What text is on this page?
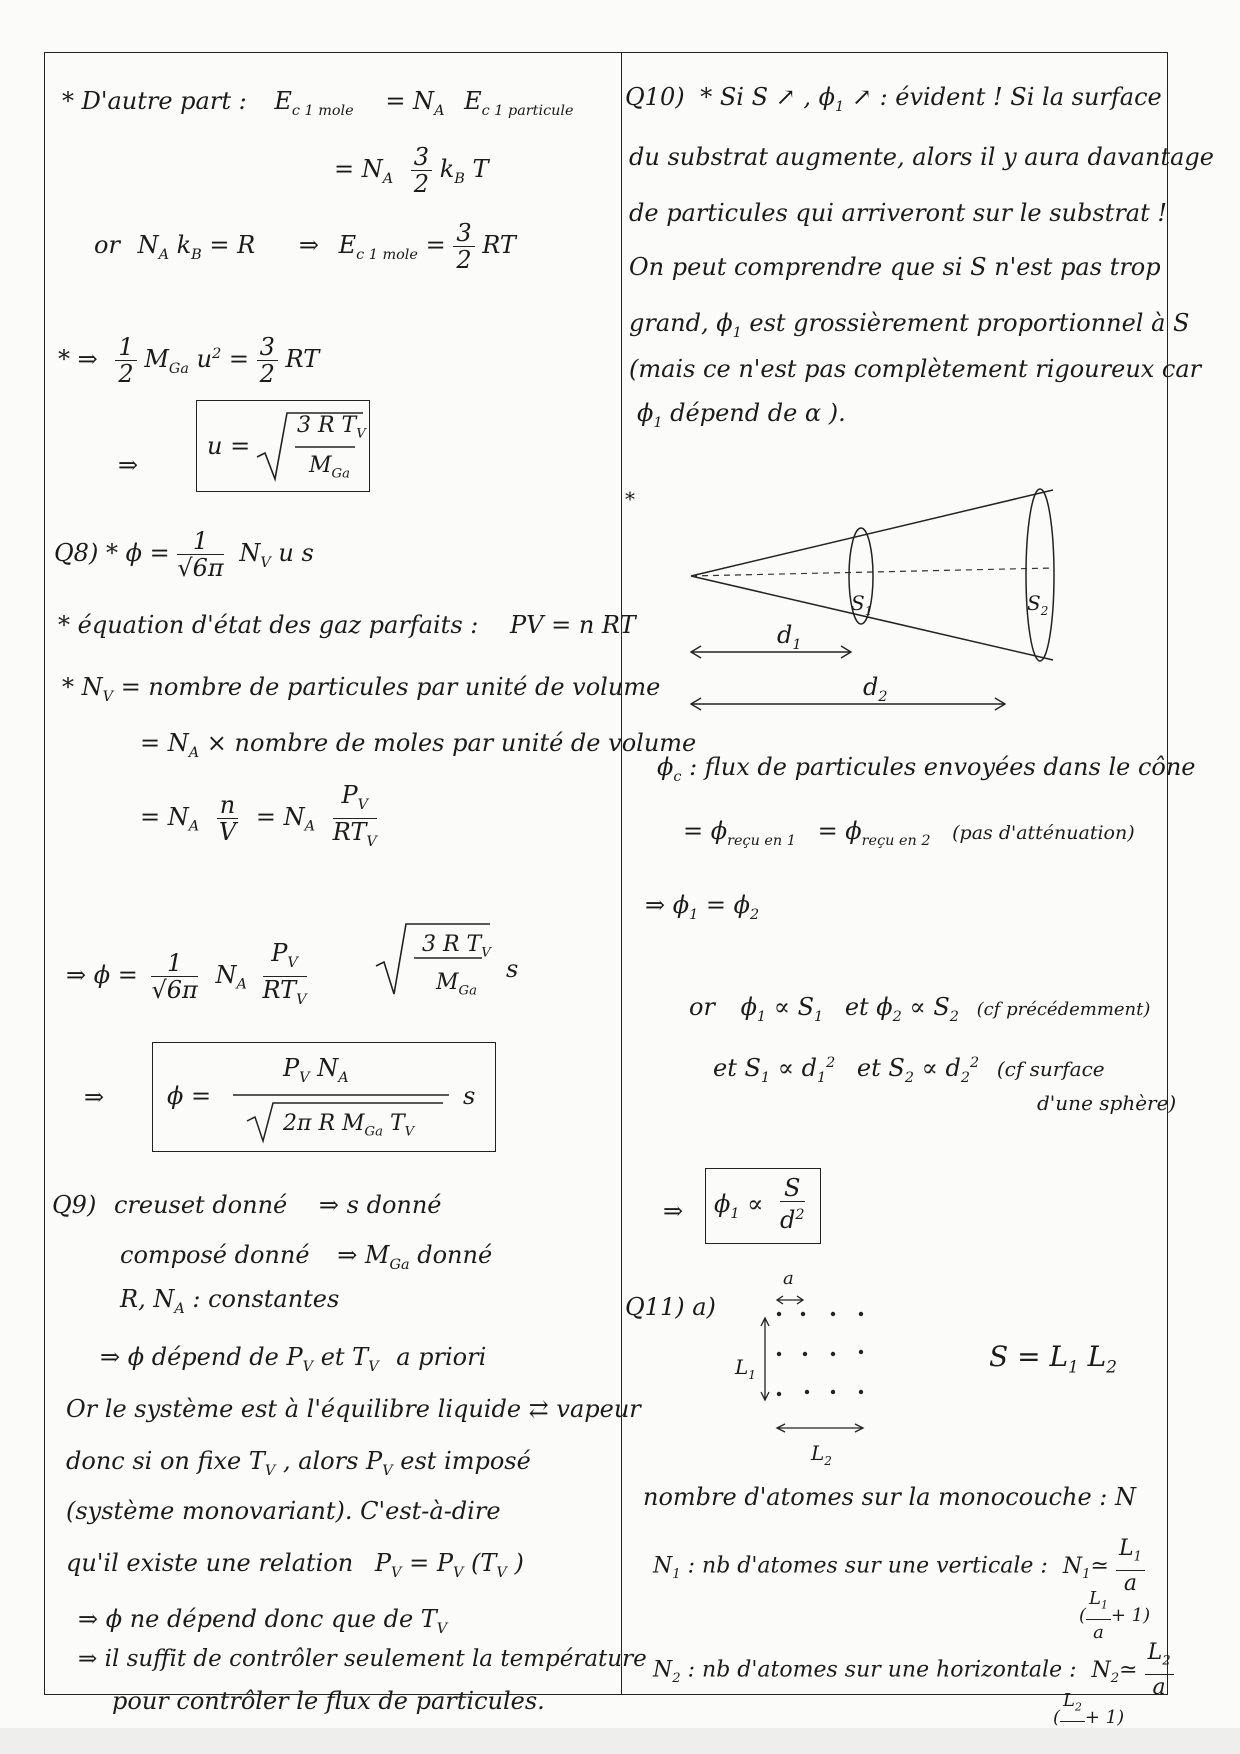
* D'autre part : $E_{c 1 mole} = N_A$ $E_{c 1 particule}$
= $N_A \frac{3}{2} k_B$ T
or $N_A$ $k_B = R$ ⇒ $E_{c 1 mole} = \frac{3}{2}$ RT
* ⇒ $\frac{1}{2} M_{Ga}$ $u^2 = \frac{3}{2}$ RT
⇒
u =
3 R $T_V$
$M_{Ga}$
$Q8) * \phi = \frac{1}{√6\pi} N_V$ u s
* équation d'état des gaz parfaits : PV = n RT
* $N_V$ = nombre de particules par unité de volume
= $N_A$ × nombre de moles par unité de volume
= $N_A \frac{n}{V} = N_A \frac{P_V}{RT_V}$
⇒ $\phi = \frac{1}{√6\pi} N_A \frac{P_V}{RT_V}$	3 R $T_V$
$M_{Ga}$
s
⇒	ϕ =
$P_V$ $N_A$
2π R $M_{Ga}$ $T_V$
s
Q9) creuset donné ⇒ s donné
composé donné ⇒ $M_{Ga}$ donné
R, $N_A$ : constantes
⇒ ϕ dépend de $P_V$ et $T_V$ a priori
Or le système est à l'équilibre liquide ⇄ vapeur
donc si on fixe $T_V$ , alors $P_V$ est imposé
(système monovariant). C'est-à-dire
qu'il existe une relation $P_V = P_V$ ($T_V$ )
⇒ ϕ ne dépend donc que de $T_V$
⇒ il suffit de contrôler seulement la température
pour contrôler le flux de particules.
Q10) * Si S ↗ , $\phi_1$ ↗ : évident ! Si la surface
du substrat augmente, alors il y aura davantage
de particules qui arriveront sur le substrat !
On peut comprendre que si S n'est pas trop
grand, $\phi_1$ est grossièrement proportionnel à S
(mais ce n'est pas complètement rigoureux car
$\phi_1$ dépend de α ).
*
$S_1$	$S_2$
$d_1$
$d_2$
$\phi_c$ : flux de particules envoyées dans le cône
= $\phi_{reçu en 1} = \phi_{reçu en 2}$ (pas d'atténuation)
⇒ $\phi_1 = \phi_2$
or $\phi_1 \propto S_1$ et $\phi_2 \propto S_2$ (cf précédemment)
et $S_1 \propto d_1^2$ et $S_2 \propto d_2^2$ (cf surface
d'une sphère)
⇒ $\phi_1 \propto \frac{S}{d^2}$
Q11) a)
a
$L_1$
$L_2$
$S = L_1$ $L_2$
nombre d'atomes sur la monocouche : N
$N_1$ : nb d'atomes sur une verticale : $N_1≃ \frac{L_1}{a}$
( $\frac{L_1}{a} + 1$)
$N_2$ : nb d'atomes sur une horizontale : $N_2≃ \frac{L_2}{a}$
(
$L_2 + 1$)
